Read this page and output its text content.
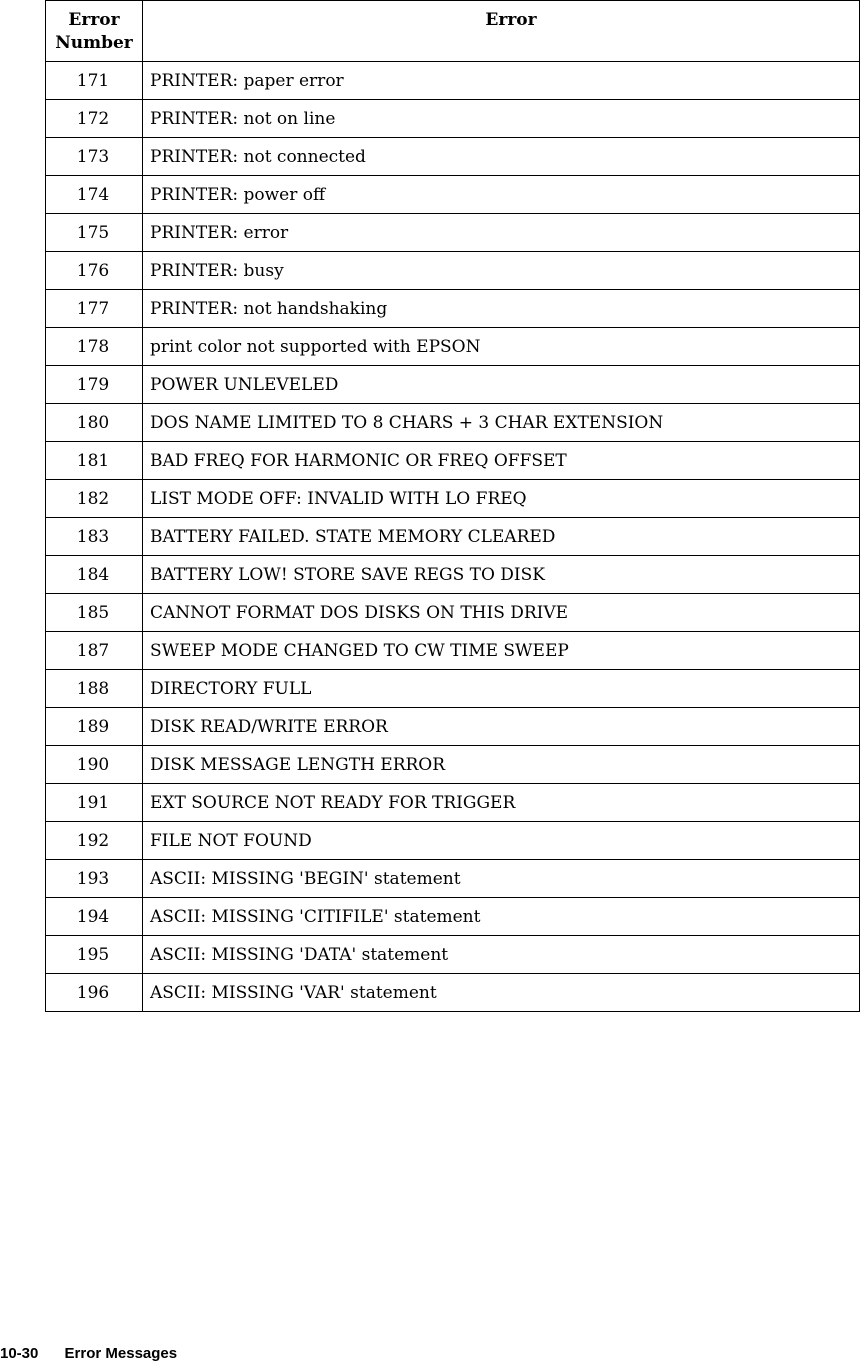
Error
Number	Error
171	PRINTER: paper error
172	PRINTER: not on line
173	PRINTER: not connected
174	PRINTER: power off
175	PRINTER: error
176	PRINTER: busy
177	PRINTER: not handshaking
178	print color not supported with EPSON
179	POWER UNLEVELED
180	DOS NAME LIMITED TO 8 CHARS + 3 CHAR EXTENSION
181	BAD FREQ FOR HARMONIC OR FREQ OFFSET
182	LIST MODE OFF: INVALID WITH LO FREQ
183	BATTERY FAILED. STATE MEMORY CLEARED
184	BATTERY LOW! STORE SAVE REGS TO DISK
185	CANNOT FORMAT DOS DISKS ON THIS DRIVE
187	SWEEP MODE CHANGED TO CW TIME SWEEP
188	DIRECTORY FULL
189	DISK READ/WRITE ERROR
190	DISK MESSAGE LENGTH ERROR
191	EXT SOURCE NOT READY FOR TRIGGER
192	FILE NOT FOUND
193	ASCII: MISSING 'BEGIN' statement
194	ASCII: MISSING 'CITIFILE' statement
195	ASCII: MISSING 'DATA' statement
196	ASCII: MISSING 'VAR' statement
10-30 Error Messages
